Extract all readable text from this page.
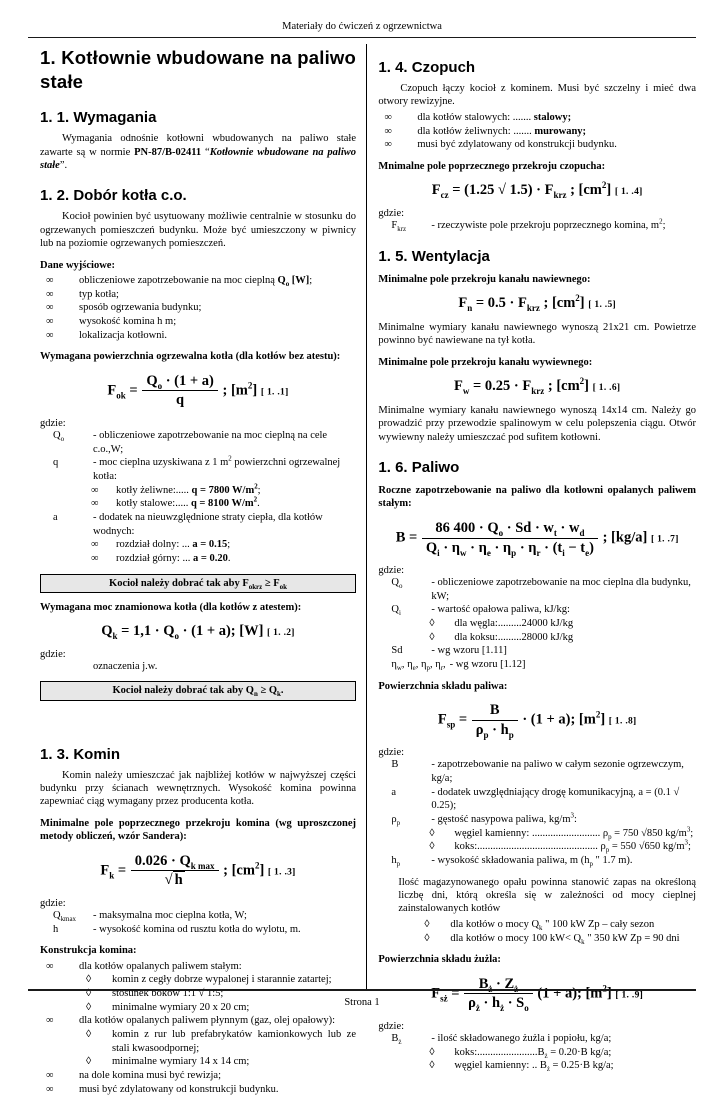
Materiały do ćwiczeń z ogrzewnictwa
1. Kotłownie wbudowane na paliwo stałe
1. 1. Wymagania
Wymagania odnośnie kotłowni wbudowanych na paliwo stałe zawarte są w normie PN-87/B-02411 “Kotłownie wbudowane na paliwo stałe”.
1. 2. Dobór kotła c.o.
Kocioł powinien być usytuowany możliwie centralnie w stosunku do ogrzewanych pomieszczeń budynku. Może być umieszczony w piwnicy lub na poziomie ogrzewanych pomieszczeń.
Dane wyjściowe:
∞	obliczeniowe zapotrzebowanie na moc cieplną $Q_o$ [W];
∞	typ kotła;
∞	sposób ogrzewania budynku;
∞	wysokość komina h m;
∞	lokalizacja kotłowni.
Wymagana powierzchnia ogrzewalna kotła (dla kotłów bez atestu):
$F_{ok} = \frac{Q_o \cdot (1 + a)}{q}$ ; $[m^2]$ [ 1. .1]
gdzie:
$Q_o$	- obliczeniowe zapotrzebowanie na moc cieplną na cele c.o.,W;
q	- moc cieplna uzyskiwana z 1 $m^2$ powierzchni ogrzewalnej kotła:
∞	kotły żeliwne:..... q = 7800 $W/m^2$;
∞	kotły stalowe:..... q = 8100 $W/m^2$.
a	- dodatek na nieuwzględnione straty ciepła, dla kotłów wodnych:
∞	rozdział dolny: ... a = 0.15;
∞	rozdział górny: ... a = 0.20.
Kocioł należy dobrać tak aby $F_{okrz} \ge F_{ok}$
Wymagana moc znamionowa kotła (dla kotłów z atestem):
$Q_k = 1,1 \cdot Q_o \cdot (1 + a)$; [W] [ 1. .2]
gdzie:
oznaczenia j.w.
Kocioł należy dobrać tak aby $Q_n \ge Q_k$.
1. 3. Komin
Komin należy umieszczać jak najbliżej kotłów w najwyższej części budynku przy ścianach wewnętrznych. Wysokość komina powinna zapewniać ciąg wymagany przez producenta kotła.
Minimalne pole poprzecznego przekroju komina (wg uproszczonej metody obliczeń, wzór Sandera):
$F_k = \frac{0.026 \cdot Q_{k max}}{√ h}$ ; $[cm^2]$ [ 1. .3]
gdzie:
$Q_{kmax}$	- maksymalna moc cieplna kotła, W;
h	- wysokość komina od rusztu kotła do wylotu, m.
Konstrukcja komina:
∞	dla kotłów opalanych paliwem stałym:
◊	komin z cegły dobrze wypalonej i starannie zatartej;
◊	stosunek boków 1:1 √ 1:5;
◊	minimalne wymiary 20 x 20 cm;
∞	dla kotłów opalanych paliwem płynnym (gaz, olej opałowy):
◊	komin z rur lub prefabrykatów kamionkowych lub ze stali kwasoodpornej;
◊	minimalne wymiary 14 x 14 cm;
∞	na dole komina musi być rewizja;
∞	musi być zdylatowany od konstrukcji budynku.
1. 4. Czopuch
Czopuch łączy kocioł z kominem. Musi być szczelny i mieć dwa otwory rewizyjne.
∞	dla kotłów stalowych: ....... stalowy;
∞	dla kotłów żeliwnych: ....... murowany;
∞	musi być zdylatowany od konstrukcji budynku.
Mnimalne pole poprzecznego przekroju czopucha:
$F_{cz} = (1.25$ √ $1.5) \cdot F_{krz}$ ; $[cm^2]$ [ 1. .4]
gdzie:
$F_{krz}$	- rzeczywiste pole przekroju poprzecznego komina, $m^2$;
1. 5. Wentylacja
Minimalne pole przekroju kanału nawiewnego:
$F_n = 0.5 \cdot F_{krz}$ ; $[cm^2]$ [ 1. .5]
Minimalne wymiary kanału nawiewnego wynoszą 21x21 cm. Powietrze powinno być nawiewane na tył kotła.
Minimalne pole przekroju kanału wywiewnego:
$F_w = 0.25 \cdot F_{krz}$ ; $[cm^2]$ [ 1. .6]
Minimalne wymiary kanału nawiewnego wynoszą 14x14 cm. Należy go prowadzić przy przewodzie spalinowym w celu polepszenia ciągu. Otwór wywiewny należy umieszczać pod sufitem kotłowni.
1. 6. Paliwo
Roczne zapotrzebowanie na paliwo dla kotłowni opalanych paliwem stałym:
$B = \frac{86 400 \cdot Q_o \cdot Sd \cdot w_t \cdot w_d}{Q_i \cdot \eta_w \cdot \eta_e \cdot \eta_p \cdot \eta_r \cdot (t_i - t_e)}$ ; [kg/a] [ 1. .7]
gdzie:
$Q_o$	- obliczeniowe zapotrzebowanie na moc cieplna dla budynku, kW;
$Q_i$	- wartość opałowa paliwa, kJ/kg:
◊	dla węgla:.........24000 kJ/kg
◊	dla koksu:.........28000 kJ/kg
Sd	- wg wzoru [1.11]
$\eta_w$, $\eta_e$, $\eta_p$, $\eta_r$, - wg wzoru [1.12]
Powierzchnia składu paliwa:
$F_{sp} = \frac{B}{\rho_p \cdot h_p} \cdot (1 + a)$; $[m^2]$ [ 1. .8]
gdzie:
B	- zapotrzebowanie na paliwo w całym sezonie ogrzewczym, kg/a;
a	- dodatek uwzględniający drogę komunikacyjną, a = (0.1 √ 0.25);
$\rho_p$	- gęstość nasypowa paliwa, $kg/m^3$:
◊	węgiel kamienny: .......................... $\rho_p = 750$ √850 $kg/m^3$;
◊	koks:.............................................. $\rho_p = 550$ √650 $kg/m^3$;
$h_p$	- wysokość składowania paliwa, m ($h_p$ " 1.7 m).
Ilość magazynowanego opału powinna stanowić zapas na określoną liczbę dni, którą określa się w zależności od mocy cieplnej zainstalowanych kotłów
◊	dla kotłów o mocy $Q_k$ " 100 kW Zp – cały sezon
◊	dla kotłów o mocy 100 $kW< Q_k$ " 350 kW Zp = 90 dni
Powierzchnia składu żużla:
$F_{sż} = \frac{B_ż \cdot Z_ż}{\rho_ż \cdot h_ż \cdot S_o} (1 + a)$; $[m^2]$ [ 1. .9]
gdzie:
$B_ż$	- ilość składowanego żużla i popiołu, kg/a;
◊	$koks:.......................B_ż = 0.20\cdot B$ kg/a;
◊	węgiel kamienny: .. $B_ż = 0.25\cdot B$ kg/a;
Strona 1
